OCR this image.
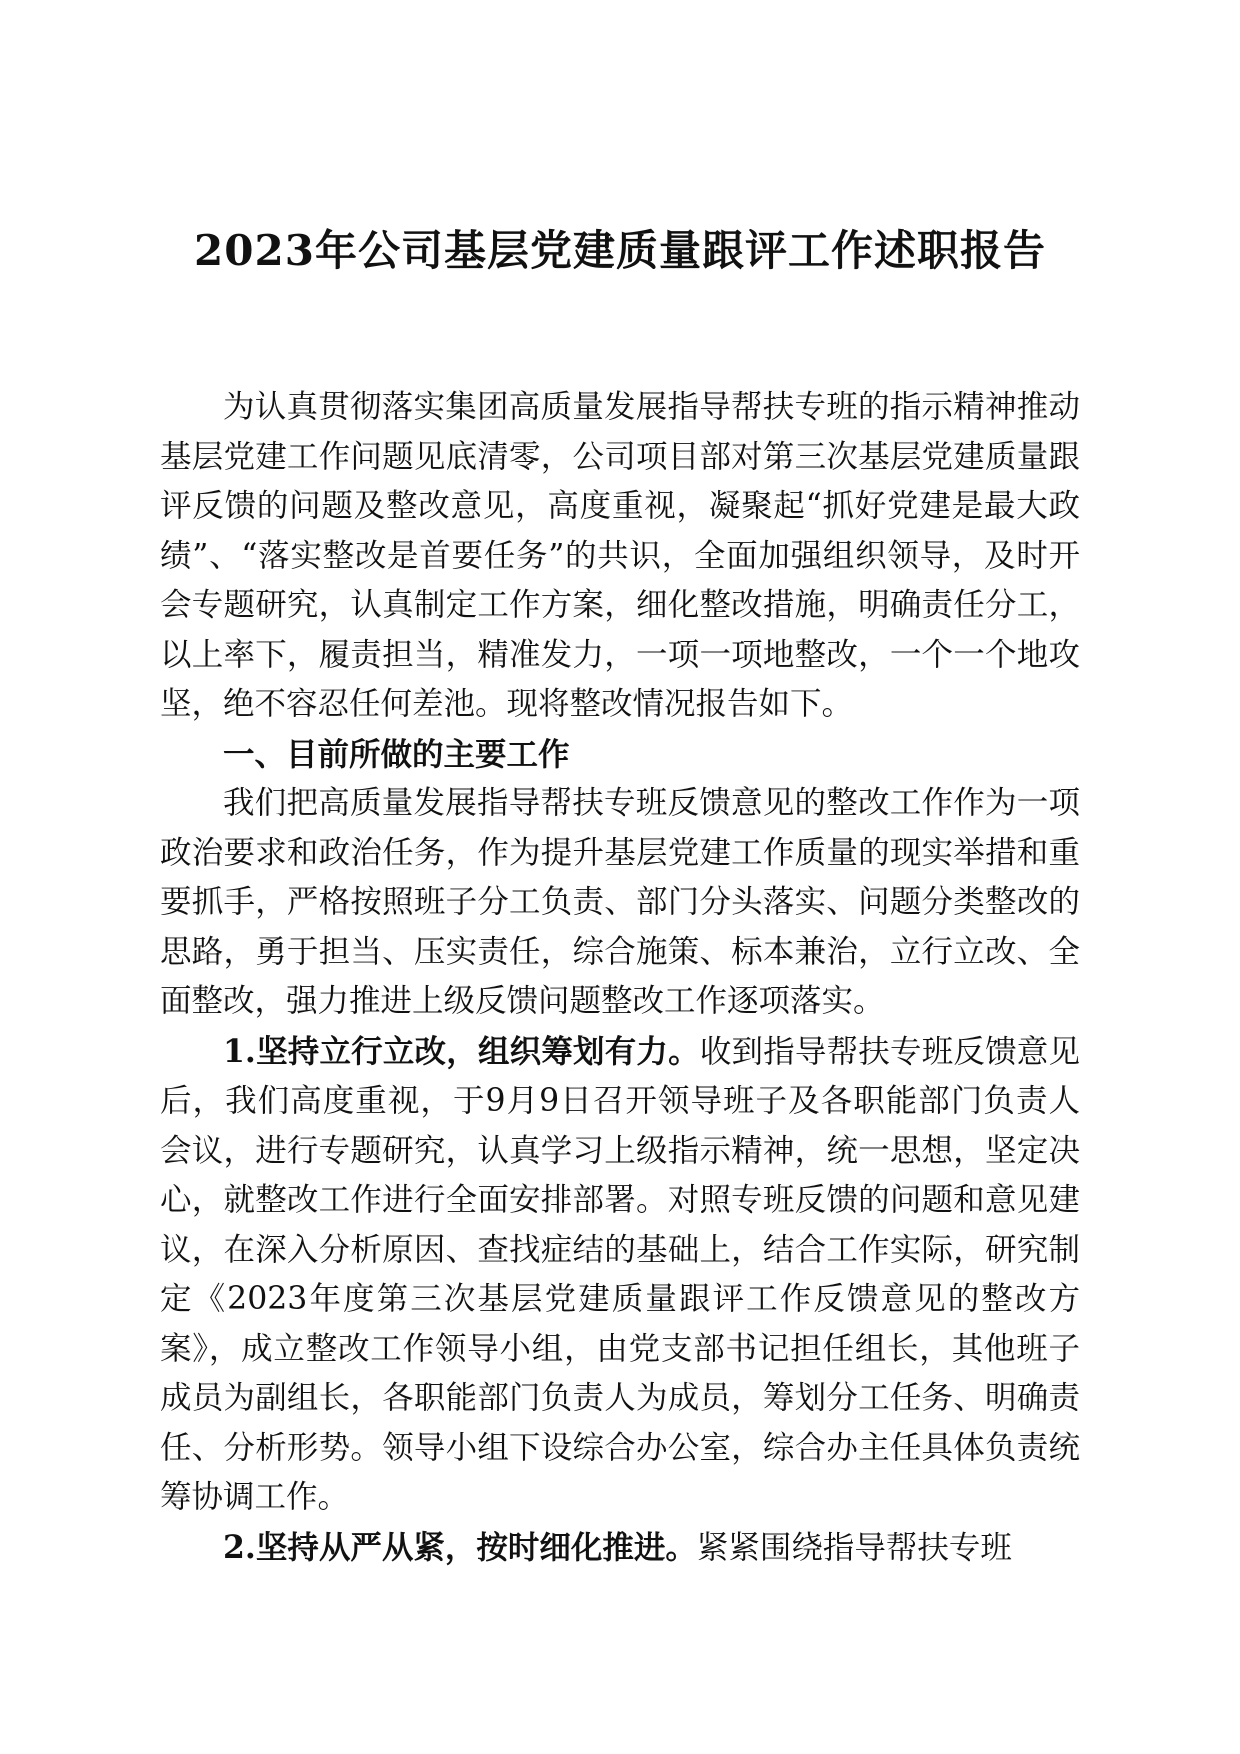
2023年公司基层党建质量跟评工作述职报告

为认真贯彻落实集团高质量发展指导帮扶专班的指示精神推动基层党建工作问题见底清零，公司项目部对第三次基层党建质量跟评反馈的问题及整改意见，高度重视，凝聚起“抓好党建是最大政绩”、“落实整改是首要任务”的共识，全面加强组织领导，及时开会专题研究，认真制定工作方案，细化整改措施，明确责任分工，以上率下，履责担当，精准发力，一项一项地整改，一个一个地攻坚，绝不容忍任何差池。现将整改情况报告如下。

一、目前所做的主要工作

我们把高质量发展指导帮扶专班反馈意见的整改工作作为一项政治要求和政治任务，作为提升基层党建工作质量的现实举措和重要抓手，严格按照班子分工负责、部门分头落实、问题分类整改的思路，勇于担当、压实责任，综合施策、标本兼治，立行立改、全面整改，强力推进上级反馈问题整改工作逐项落实。

1.坚持立行立改，组织筹划有力。收到指导帮扶专班反馈意见后，我们高度重视，于9月9日召开领导班子及各职能部门负责人会议，进行专题研究，认真学习上级指示精神，统一思想，坚定决心，就整改工作进行全面安排部署。对照专班反馈的问题和意见建议，在深入分析原因、查找症结的基础上，结合工作实际，研究制定《2023年度第三次基层党建质量跟评工作反馈意见的整改方案》，成立整改工作领导小组，由党支部书记担任组长，其他班子成员为副组长，各职能部门负责人为成员，筹划分工任务、明确责任、分析形势。领导小组下设综合办公室，综合办主任具体负责统筹协调工作。

2.坚持从严从紧，按时细化推进。紧紧围绕指导帮扶专班
